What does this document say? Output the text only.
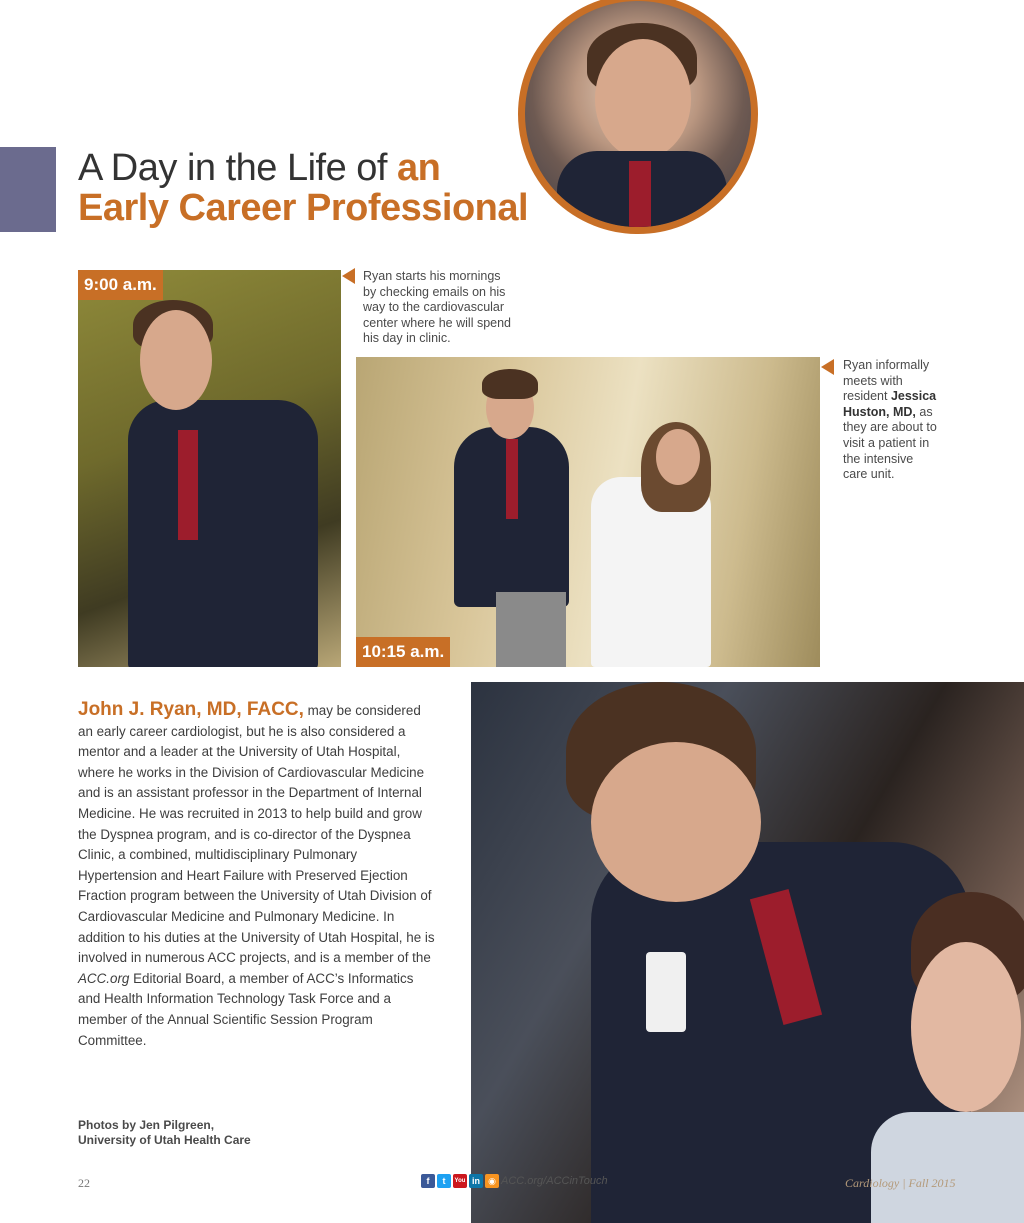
A Day in the Life of an
Early Career Professional
9:00 a.m.	Ryan starts his mornings by checking emails on his way to the cardiovascular center where he will spend his day in clinic.
10:15 a.m.
Ryan informally meets with resident Jessica Huston, MD, as they are about to visit a patient in the intensive care unit.
John J. Ryan, MD, FACC, may be considered an early career cardiologist, but he is also considered a mentor and a leader at the University of Utah Hospital, where he works in the Division of Cardiovascular Medicine and is an assistant professor in the Department of Internal Medicine. He was recruited in 2013 to help build and grow the Dyspnea program, and is co-director of the Dyspnea Clinic, a combined, multidisciplinary Pulmonary Hypertension and Heart Failure with Preserved Ejection Fraction program between the University of Utah Division of Cardiovascular Medicine and Pulmonary Medicine. In addition to his duties at the University of Utah Hospital, he is involved in numerous ACC projects, and is a member of the ACC.org Editorial Board, a member of ACC’s Informatics and Health Information Technology Task Force and a member of the Annual Scientific Session Program Committee.
Photos by Jen Pilgreen,
University of Utah Health Care
22	f	t	You in ◉ ACC.org/ACCinTouch	Cardiology | Fall 2015
